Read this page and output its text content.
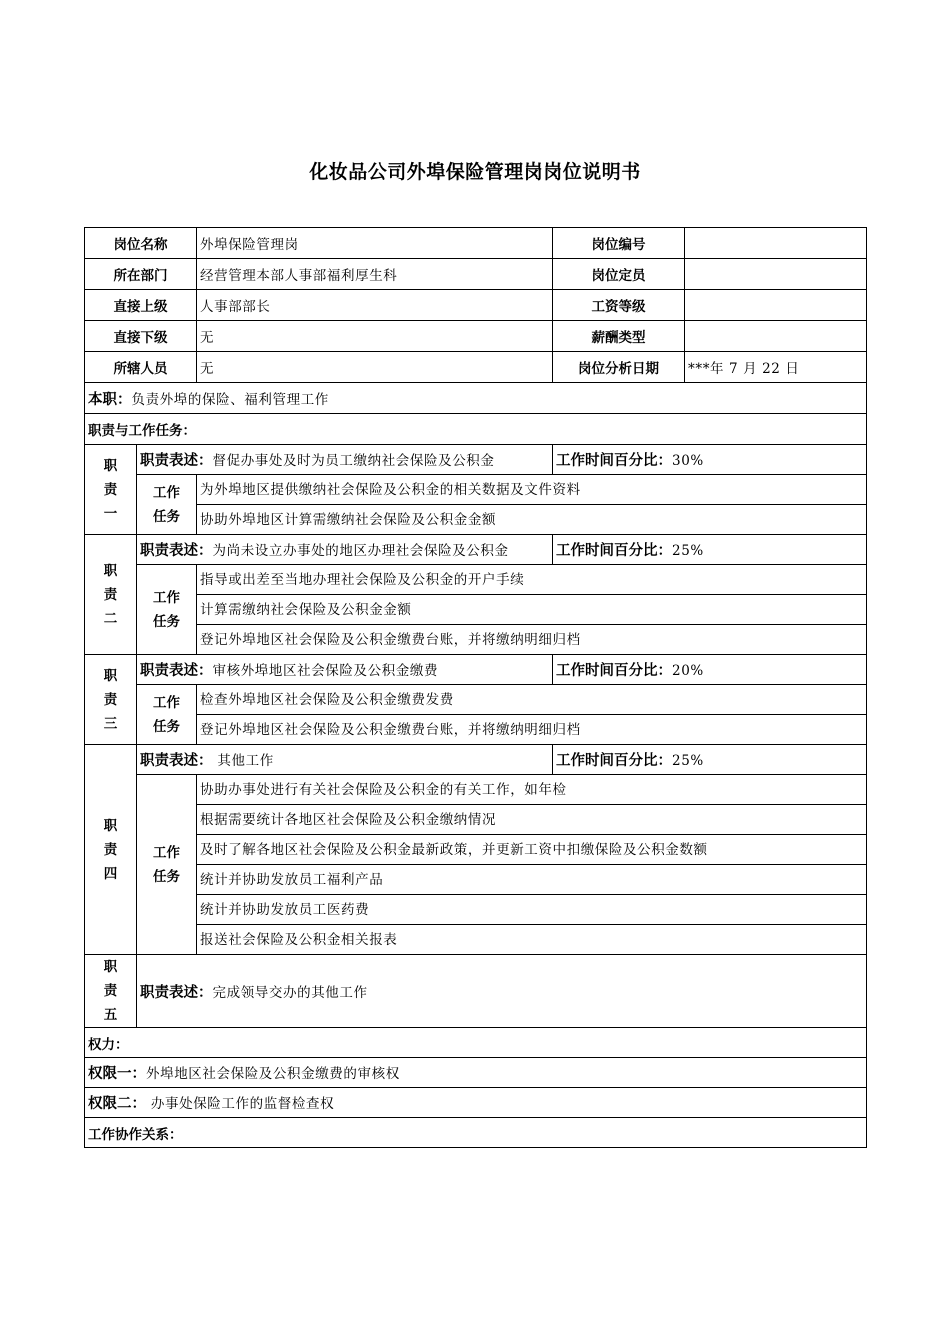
化妆品公司外埠保险管理岗岗位说明书
岗位名称		外埠保险管理岗	岗位编号	
所在部门		经营管理本部人事部福利厚生科	岗位定员	
直接上级		人事部部长	工资等级	
直接下级		无	薪酬类型	
所辖人员		无	岗位分析日期	***年 7 月 22 日
本职：负责外埠的保险、福利管理工作				
职责与工作任务：				

职
责
一	职责表述：督促办事处及时为员工缴纳社会保险及公积金		工作时间百分比：30%	

	工作
任务	为外埠地区提供缴纳社会保险及公积金的相关数据及文件资料		
		协助外埠地区计算需缴纳社会保险及公积金金额		

职
责
二	职责表述：为尚未设立办事处的地区办理社会保险及公积金		工作时间百分比：25%	

	工作
任务	指导或出差至当地办理社会保险及公积金的开户手续		
		计算需缴纳社会保险及公积金金额		
		登记外埠地区社会保险及公积金缴费台账，并将缴纳明细归档		

职
责
三	职责表述：审核外埠地区社会保险及公积金缴费		工作时间百分比：20%	

	工作
任务	检查外埠地区社会保险及公积金缴费发费		
		登记外埠地区社会保险及公积金缴费台账，并将缴纳明细归档		

职
责
四	职责表述： 其他工作		工作时间百分比：25%	

	工作
任务	协助办事处进行有关社会保险及公积金的有关工作，如年检		
		根据需要统计各地区社会保险及公积金缴纳情况		
		及时了解各地区社会保险及公积金最新政策，并更新工资中扣缴保险及公积金数额		
		统计并协助发放员工福利产品		
		统计并协助发放员工医药费		
		报送社会保险及公积金相关报表		

职
责
五	职责表述：完成领导交办的其他工作			
权力：				
权限一：外埠地区社会保险及公积金缴费的审核权				
权限二： 办事处保险工作的监督检查权				
工作协作关系：				
